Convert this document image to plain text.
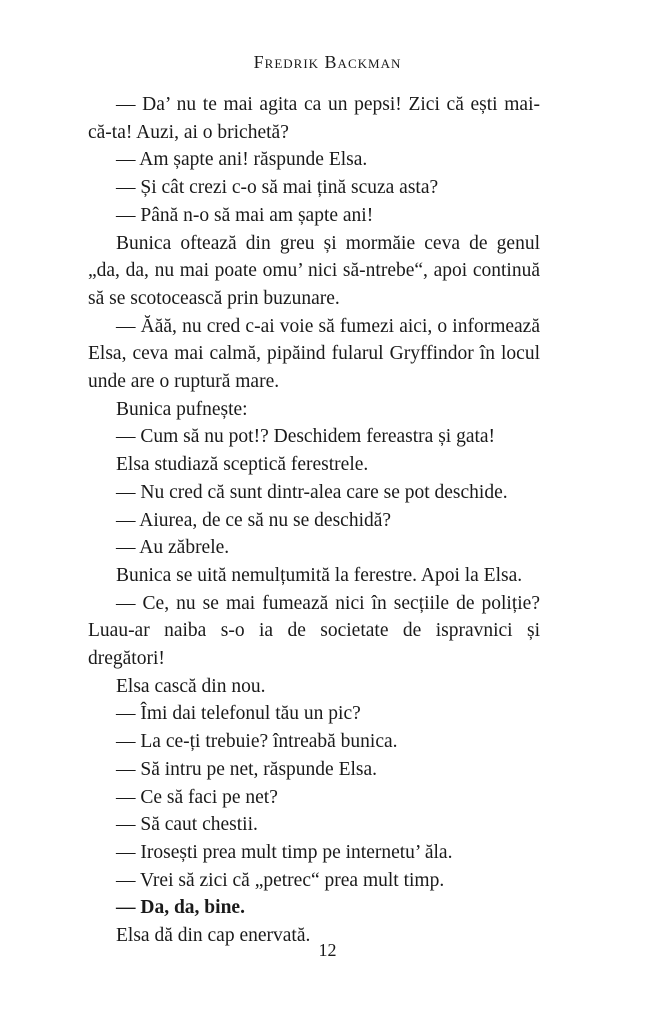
Fredrik Backman

— Da’ nu te mai agita ca un pepsi! Zici că ești mai-că-ta! Auzi, ai o brichetă?

— Am șapte ani! răspunde Elsa.

— Și cât crezi c-o să mai țină scuza asta?

— Până n-o să mai am șapte ani!

Bunica oftează din greu și mormăie ceva de genul „da, da, nu mai poate omu’ nici să-ntrebe“, apoi continuă să se scotocească prin buzunare.

— Ăăă, nu cred c-ai voie să fumezi aici, o informează Elsa, ceva mai calmă, pipăind fularul Gryffindor în locul unde are o ruptură mare.

Bunica pufnește:

— Cum să nu pot!? Deschidem fereastra și gata!

Elsa studiază sceptică ferestrele.

— Nu cred că sunt dintr-alea care se pot deschide.

— Aiurea, de ce să nu se deschidă?

— Au zăbrele.

Bunica se uită nemulțumită la ferestre. Apoi la Elsa.

— Ce, nu se mai fumează nici în secțiile de poliție? Luau-ar naiba s-o ia de societate de ispravnici și dregători!

Elsa cască din nou.

— Îmi dai telefonul tău un pic?

— La ce-ți trebuie? întreabă bunica.

— Să intru pe net, răspunde Elsa.

— Ce să faci pe net?

— Să caut chestii.

— Irosești prea mult timp pe internetu’ ăla.

— Vrei să zici că „petrec“ prea mult timp.

— Da, da, bine.

Elsa dă din cap enervată.

12
